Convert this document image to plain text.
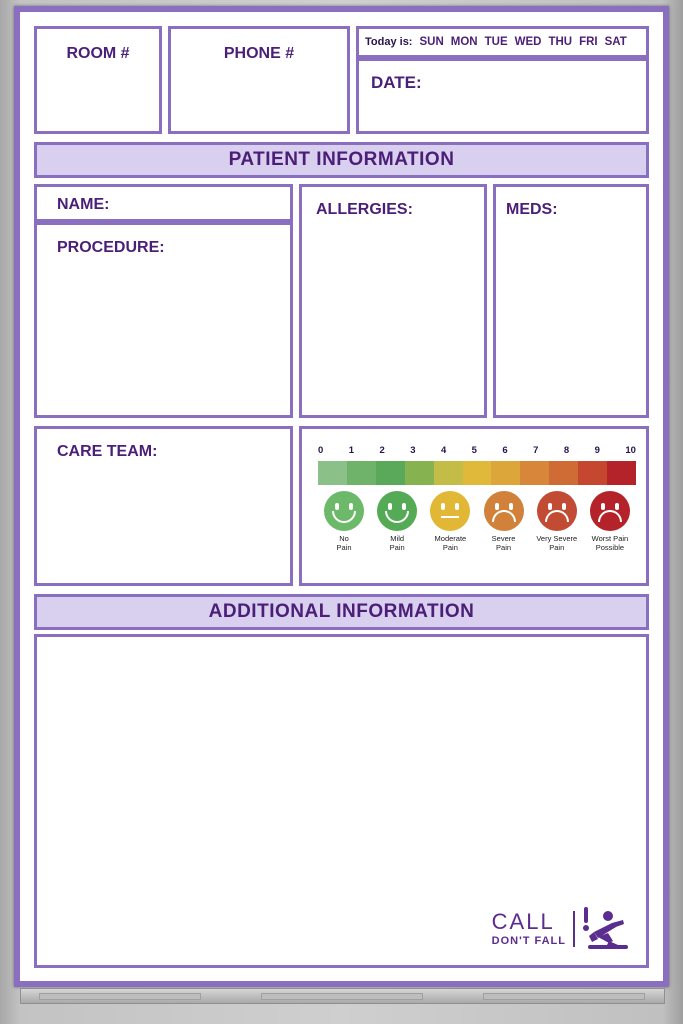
ROOM #	PHONE #
Today is: SUN MON TUE WED THU FRI SAT
DATE:
PATIENT INFORMATION
NAME:
PROCEDURE:
ALLERGIES:	MEDS:
CARE TEAM:	0	1	2	3	4	5	6	7	8	9	10
No
Pain
Mild
Pain
Moderate
Pain
Severe
Pain
Very Severe
Pain
Worst Pain
Possible
ADDITIONAL INFORMATION
CALL
DON'T FALL
